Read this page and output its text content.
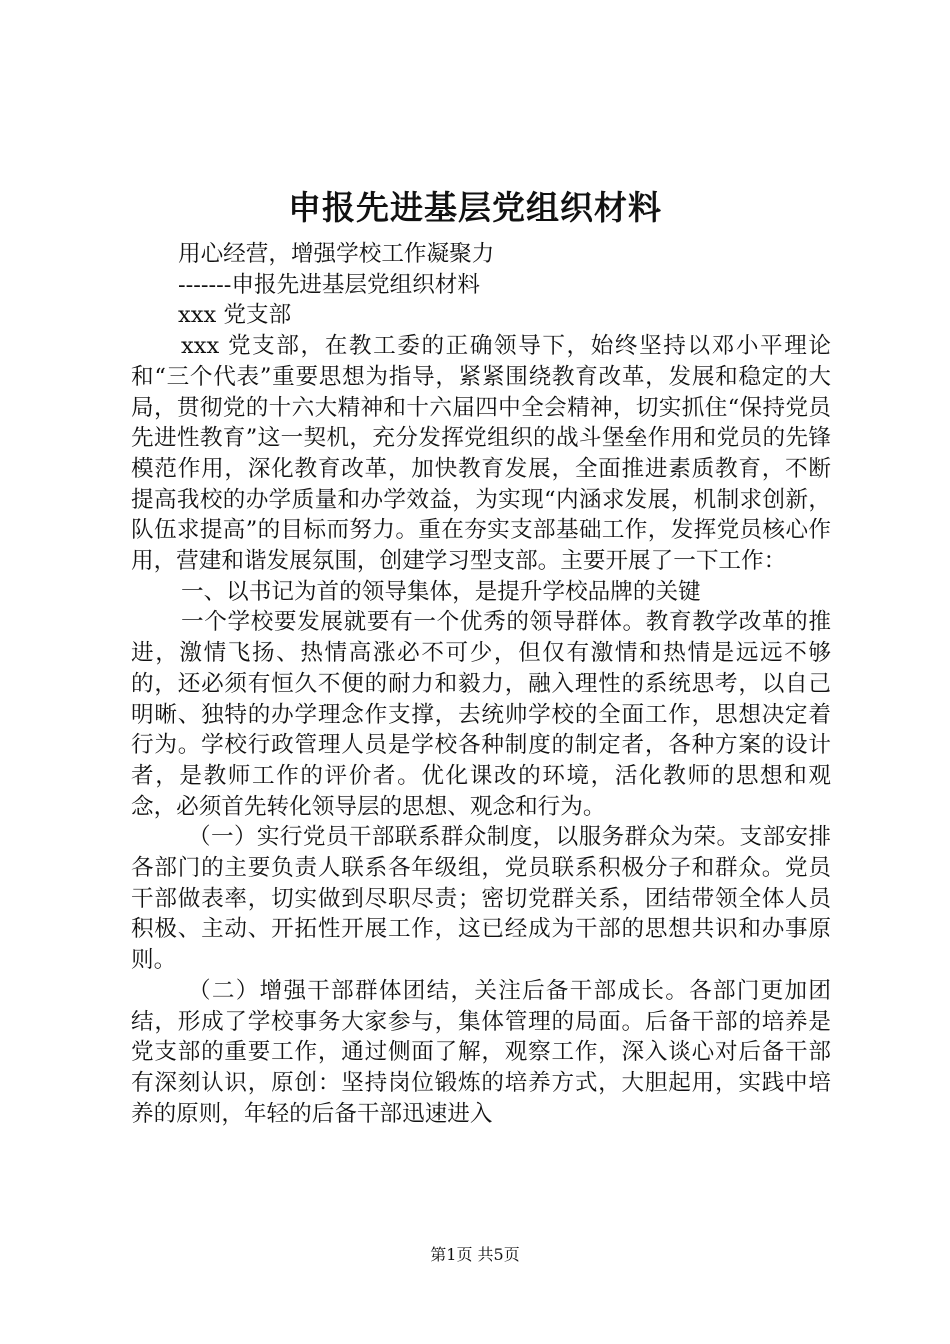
申报先进基层党组织材料

用心经营，增强学校工作凝聚力

-------申报先进基层党组织材料

xxx 党支部

xxx 党支部，在教工委的正确领导下，始终坚持以邓小平理论和“三个代表”重要思想为指导，紧紧围绕教育改革，发展和稳定的大局，贯彻党的十六大精神和十六届四中全会精神，切实抓住“保持党员先进性教育”这一契机，充分发挥党组织的战斗堡垒作用和党员的先锋模范作用，深化教育改革，加快教育发展，全面推进素质教育，不断提高我校的办学质量和办学效益，为实现“内涵求发展，机制求创新，队伍求提高”的目标而努力。重在夯实支部基础工作，发挥党员核心作用，营建和谐发展氛围，创建学习型支部。主要开展了一下工作：

一、以书记为首的领导集体，是提升学校品牌的关键

一个学校要发展就要有一个优秀的领导群体。教育教学改革的推进，激情飞扬、热情高涨必不可少，但仅有激情和热情是远远不够的，还必须有恒久不便的耐力和毅力，融入理性的系统思考，以自己明晰、独特的办学理念作支撑，去统帅学校的全面工作，思想决定着行为。学校行政管理人员是学校各种制度的制定者，各种方案的设计者，是教师工作的评价者。优化课改的环境，活化教师的思想和观念，必须首先转化领导层的思想、观念和行为。

（一）实行党员干部联系群众制度，以服务群众为荣。支部安排各部门的主要负责人联系各年级组，党员联系积极分子和群众。党员干部做表率，切实做到尽职尽责；密切党群关系，团结带领全体人员积极、主动、开拓性开展工作，这已经成为干部的思想共识和办事原则。

（二）增强干部群体团结，关注后备干部成长。各部门更加团结，形成了学校事务大家参与，集体管理的局面。后备干部的培养是党支部的重要工作，通过侧面了解，观察工作，深入谈心对后备干部有深刻认识，原创：坚持岗位锻炼的培养方式，大胆起用，实践中培养的原则，年轻的后备干部迅速进入

第1页 共5页
